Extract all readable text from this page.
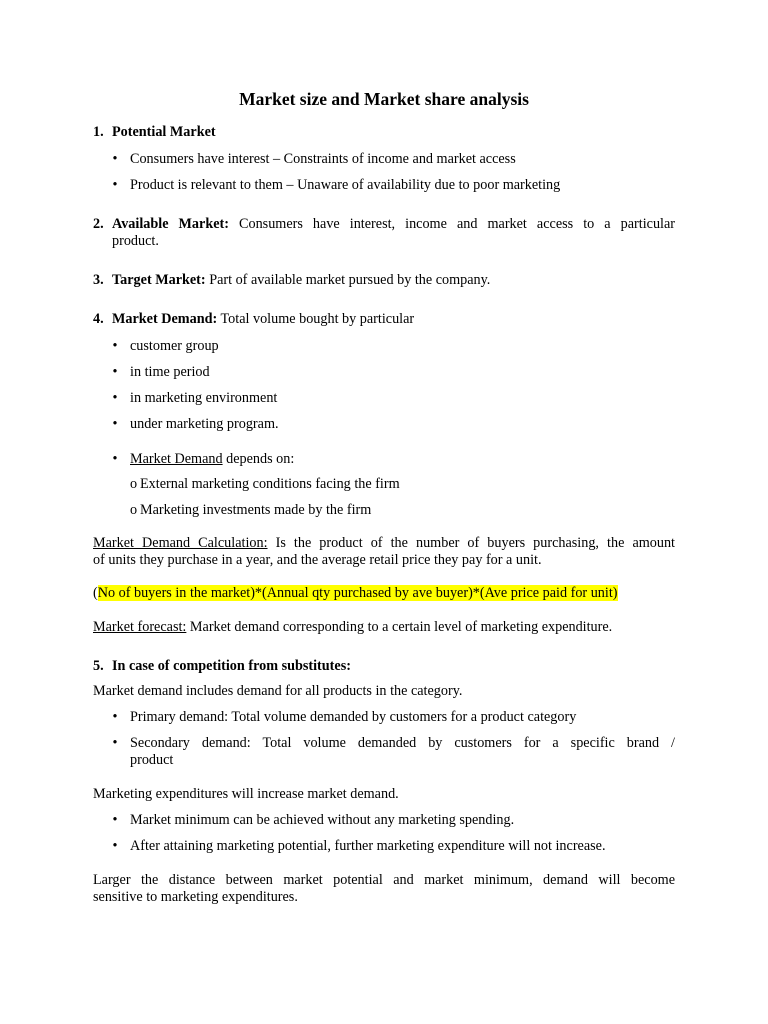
Market size and Market share analysis
1. Potential Market
• Consumers have interest – Constraints of income and market access
• Product is relevant to them – Unaware of availability due to poor marketing
2. Available Market: Consumers have interest, income and market access to a particular
product.
3. Target Market: Part of available market pursued by the company.
4. Market Demand: Total volume bought by particular
• customer group
• in time period
• in marketing environment
• under marketing program.
• Market Demand depends on:
o External marketing conditions facing the firm
o Marketing investments made by the firm
Market Demand Calculation: Is the product of the number of buyers purchasing, the amount
of units they purchase in a year, and the average retail price they pay for a unit.
(No of buyers in the market)*(Annual qty purchased by ave buyer)*(Ave price paid for unit)
Market forecast: Market demand corresponding to a certain level of marketing expenditure.
5. In case of competition from substitutes:
Market demand includes demand for all products in the category.
• Primary demand: Total volume demanded by customers for a product category
• Secondary demand: Total volume demanded by customers for a specific brand /
product
Marketing expenditures will increase market demand.
• Market minimum can be achieved without any marketing spending.
• After attaining marketing potential, further marketing expenditure will not increase.
Larger the distance between market potential and market minimum, demand will become
sensitive to marketing expenditures.
